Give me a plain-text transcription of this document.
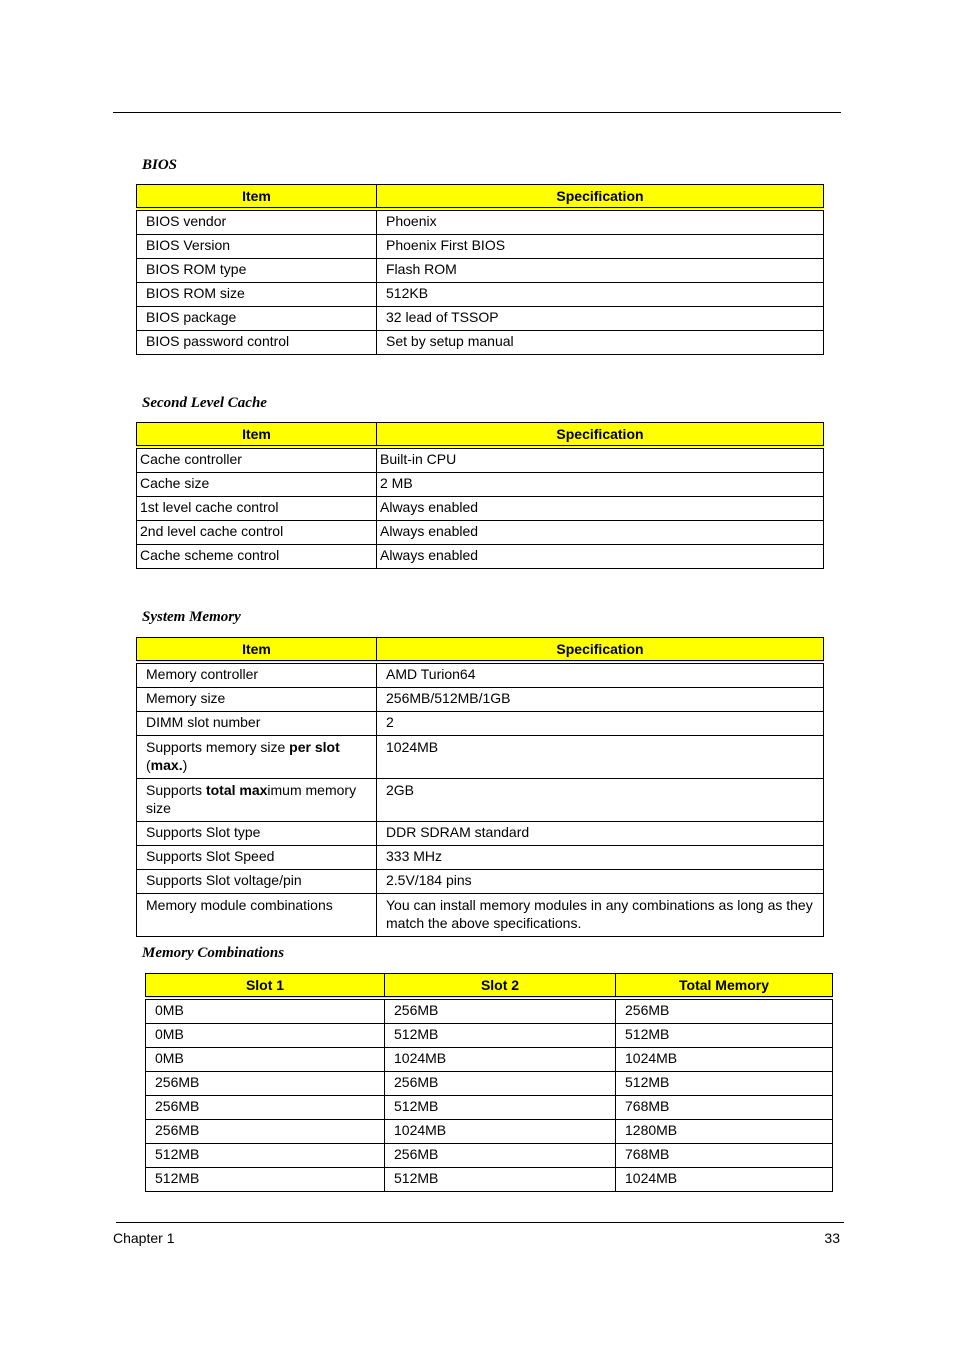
BIOS
Item	Specification
BIOS vendor	Phoenix
BIOS Version	Phoenix First BIOS
BIOS ROM type	Flash ROM
BIOS ROM size	512KB
BIOS package	32 lead of TSSOP
BIOS password control	Set by setup manual
Second Level Cache
Item	Specification
Cache controller	Built-in CPU
Cache size	2 MB
1st level cache control	Always enabled
2nd level cache control	Always enabled
Cache scheme control	Always enabled
System Memory
Item	Specification
Memory controller	AMD Turion64
Memory size	256MB/512MB/1GB
DIMM slot number	2
Supports memory size per slot
(max.)	1024MB
Supports total maximum memory size	2GB
Supports Slot type	DDR SDRAM standard
Supports Slot Speed	333 MHz
Supports Slot voltage/pin	2.5V/184 pins
Memory module combinations	You can install memory modules in any combinations as long as they match the above specifications.
Memory Combinations
Slot 1	Slot 2	Total Memory
0MB	256MB	256MB
0MB	512MB	512MB
0MB	1024MB	1024MB
256MB	256MB	512MB
256MB	512MB	768MB
256MB	1024MB	1280MB
512MB	256MB	768MB
512MB	512MB	1024MB
Chapter 1	33
